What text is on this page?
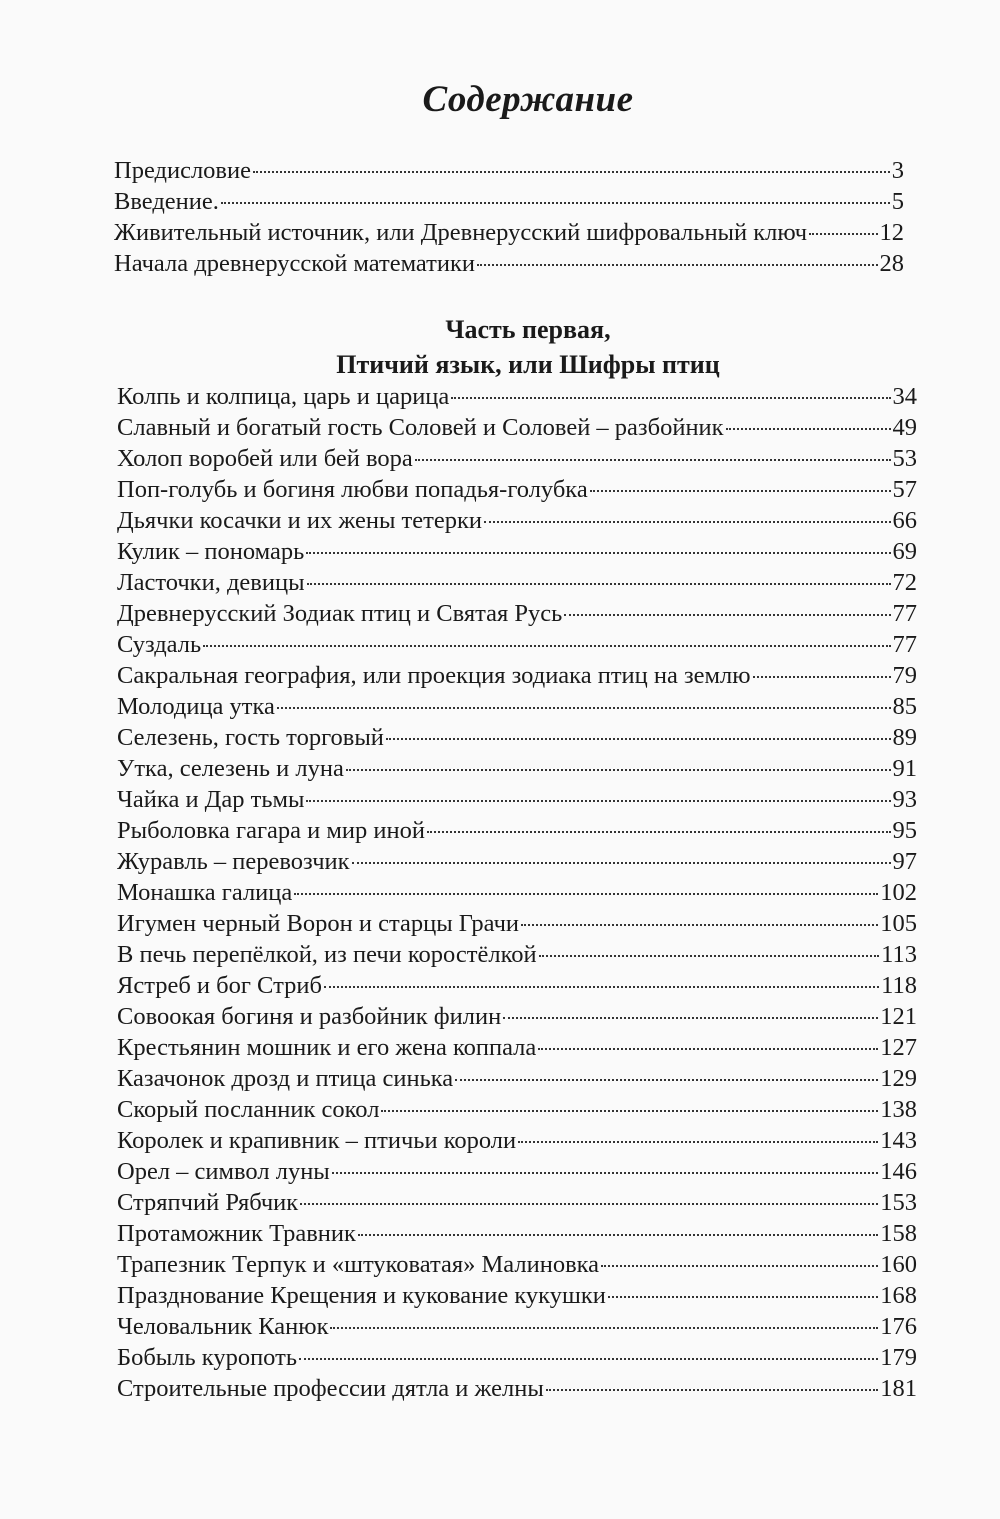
Содержание
Предисловие	3
Введение.	5
Живительный источник, или Древнерусский шифровальный ключ	12
Начала древнерусской математики	28
Часть первая,
Птичий язык, или Шифры птиц
Колпь и колпица, царь и царица	34
Славный и богатый гость Соловей и Соловей – разбойник	49
Холоп воробей или бей вора	53
Поп-голубь и богиня любви попадья-голубка	57
Дьячки косачки и их жены тетерки	66
Кулик – пономарь	69
Ласточки, девицы	72
Древнерусский Зодиак птиц и Святая Русь	77
Суздаль	77
Сакральная география, или проекция зодиака птиц на землю	79
Молодица утка	85
Селезень, гость торговый	89
Утка, селезень и луна	91
Чайка и Дар тьмы	93
Рыболовка гагара и мир иной	95
Журавль – перевозчик	97
Монашка галица	102
Игумен черный Ворон и старцы Грачи	105
В печь перепёлкой, из печи коростёлкой	113
Ястреб и бог Стриб	118
Совоокая богиня и разбойник филин	121
Крестьянин мошник и его жена коппала	127
Казачонок дрозд и птица синька	129
Скорый посланник сокол	138
Королек и крапивник – птичьи короли	143
Орел – символ луны	146
Стряпчий Рябчик	153
Протаможник Травник	158
Трапезник Терпук и «штуковатая» Малиновка	160
Празднование Крещения и кукование кукушки	168
Человальник Канюк	176
Бобыль куропоть	179
Строительные профессии дятла и желны	181
